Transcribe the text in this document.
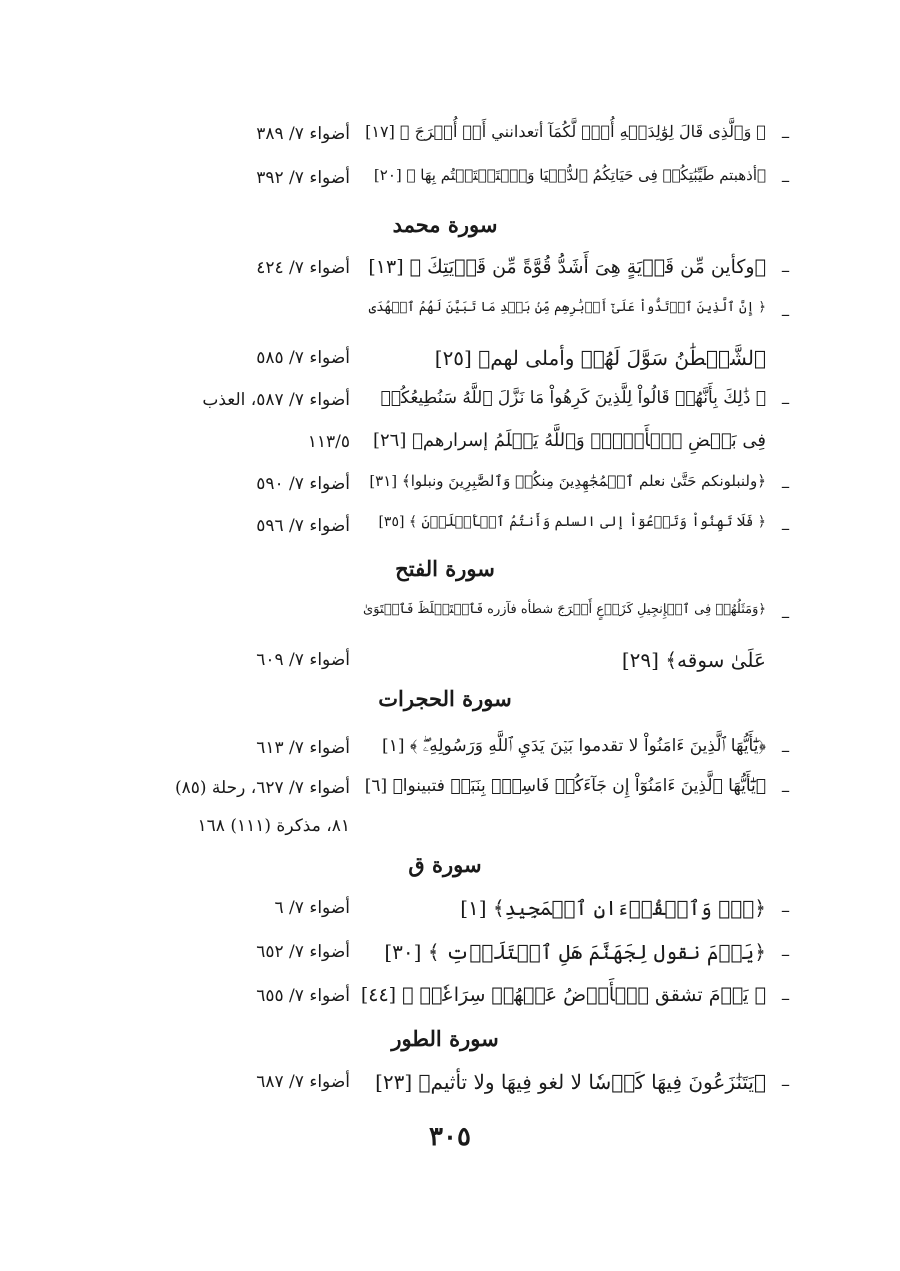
–
﴿ وَٱلَّذِى قَالَ لِوَٰلِدَيۡهِ أُفّٖ لَّكُمَآ أتعدانني أَنۡ أُخۡرَجَ ﴾ [١٧]
أضواء ٧/ ٣٨٩
–
﴿أذهبتم طَيِّبَٰتِكُمۡ فِى حَيَاتِكُمُ ٱلدُّنۡيَا وَٱسۡتَمۡتَعۡتُم بِهَا ﴾ [٢٠]
أضواء ٧/ ٣٩٢
سورة محمد
–
﴿وكأين مِّن قَرۡيَةٍ هِىَ أَشَدُّ قُوَّةً مِّن قَرۡيَتِكَ ﴾ [١٣]
أضواء ٧/ ٤٢٤
–
﴿ إِنَّ ٱلَّذِينَ ٱرۡتَدُّواْ عَلَىٰٓ أَدۡبَٰرِهِم مِّنۢ بَعۡدِ مَا تَبَيَّنَ لَهُمُ ٱلۡهُدَى
ٱلشَّيۡطَٰنُ سَوَّلَ لَهُمۡ وأملى لهم﴾ [٢٥]
أضواء ٧/ ٥٨٥
–
﴿ ذَٰلِكَ بِأَنَّهُمۡ قَالُواْ لِلَّذِينَ كَرِهُواْ مَا نَزَّلَ ٱللَّهُ سَنُطِيعُكُمۡ
أضواء ٧/ ٥٨٧، العذب
فِى بَعۡضِ ٱلۡأَمۡرِۖ وَٱللَّهُ يَعۡلَمُ إسرارهم﴾ [٢٦]
١١٣/٥
–
﴿ولنبلونكم حَتَّىٰ نعلم ٱلۡمُجَٰهِدِينَ مِنكُمۡ وَٱلصَّٰبِرِينَ ونبلوا﴾ [٣١]
أضواء ٧/ ٥٩٠
–
﴿ فَلَا تَهِنُواْ وَتَدۡعُوٓاْ إلى السلم وَأَنتُمُ ٱلۡأَعۡلَوۡنَ ﴾ [٣٥]
أضواء ٧/ ٥٩٦
سورة الفتح
–
﴿وَمَثَلُهُمۡ فِى ٱلۡإِنجِيلِ كَزَرۡعٍ أَخۡرَجَ شطأه فآزره فَٱسۡتَغۡلَظَ فَٱسۡتَوَىٰ
عَلَىٰ سوقه﴾ [٢٩]
أضواء ٧/ ٦٠٩
سورة الحجرات
–
﴿يَٰٓأَيُّهَا ٱلَّذِينَ ءَامَنُواْ لا تقدموا بَيۡنَ يَدَيِ ٱللَّهِ وَرَسُولِهِۦۖ ﴾ [١]
أضواء ٧/ ٦١٣
–
﴿يَٰٓأَيُّهَا ٱلَّذِينَ ءَامَنُوٓاْ إِن جَآءَكُمۡ فَاسِقُۢ بِنَبَإٖ فتبينوا﴾ [٦]
أضواء ٧/ ٦٢٧، رحلة (٨٥)
٨١، مذكرة (١١١) ١٦٨
سورة ق
–
﴿قٓۚ وَٱلۡقُرۡءَانِ ٱلۡمَجِيدِ﴾ [١]
أضواء ٧/ ٦
–
﴿يَوۡمَ نقول لِجَهَنَّمَ هَلِ ٱمۡتَلَأۡتِ ﴾ [٣٠]
أضواء ٧/ ٦٥٢
–
﴿ يَوۡمَ تشقق ٱلۡأَرۡضُ عَنۡهُمۡ سِرَاعٗاۚ ﴾ [٤٤]
أضواء ٧/ ٦٥٥
سورة الطور
–
﴿يَتَنَٰزَعُونَ فِيهَا كَأۡسٗا لا لغو فِيهَا ولا تأثيم﴾ [٢٣]
أضواء ٧/ ٦٨٧
٣٠٥
